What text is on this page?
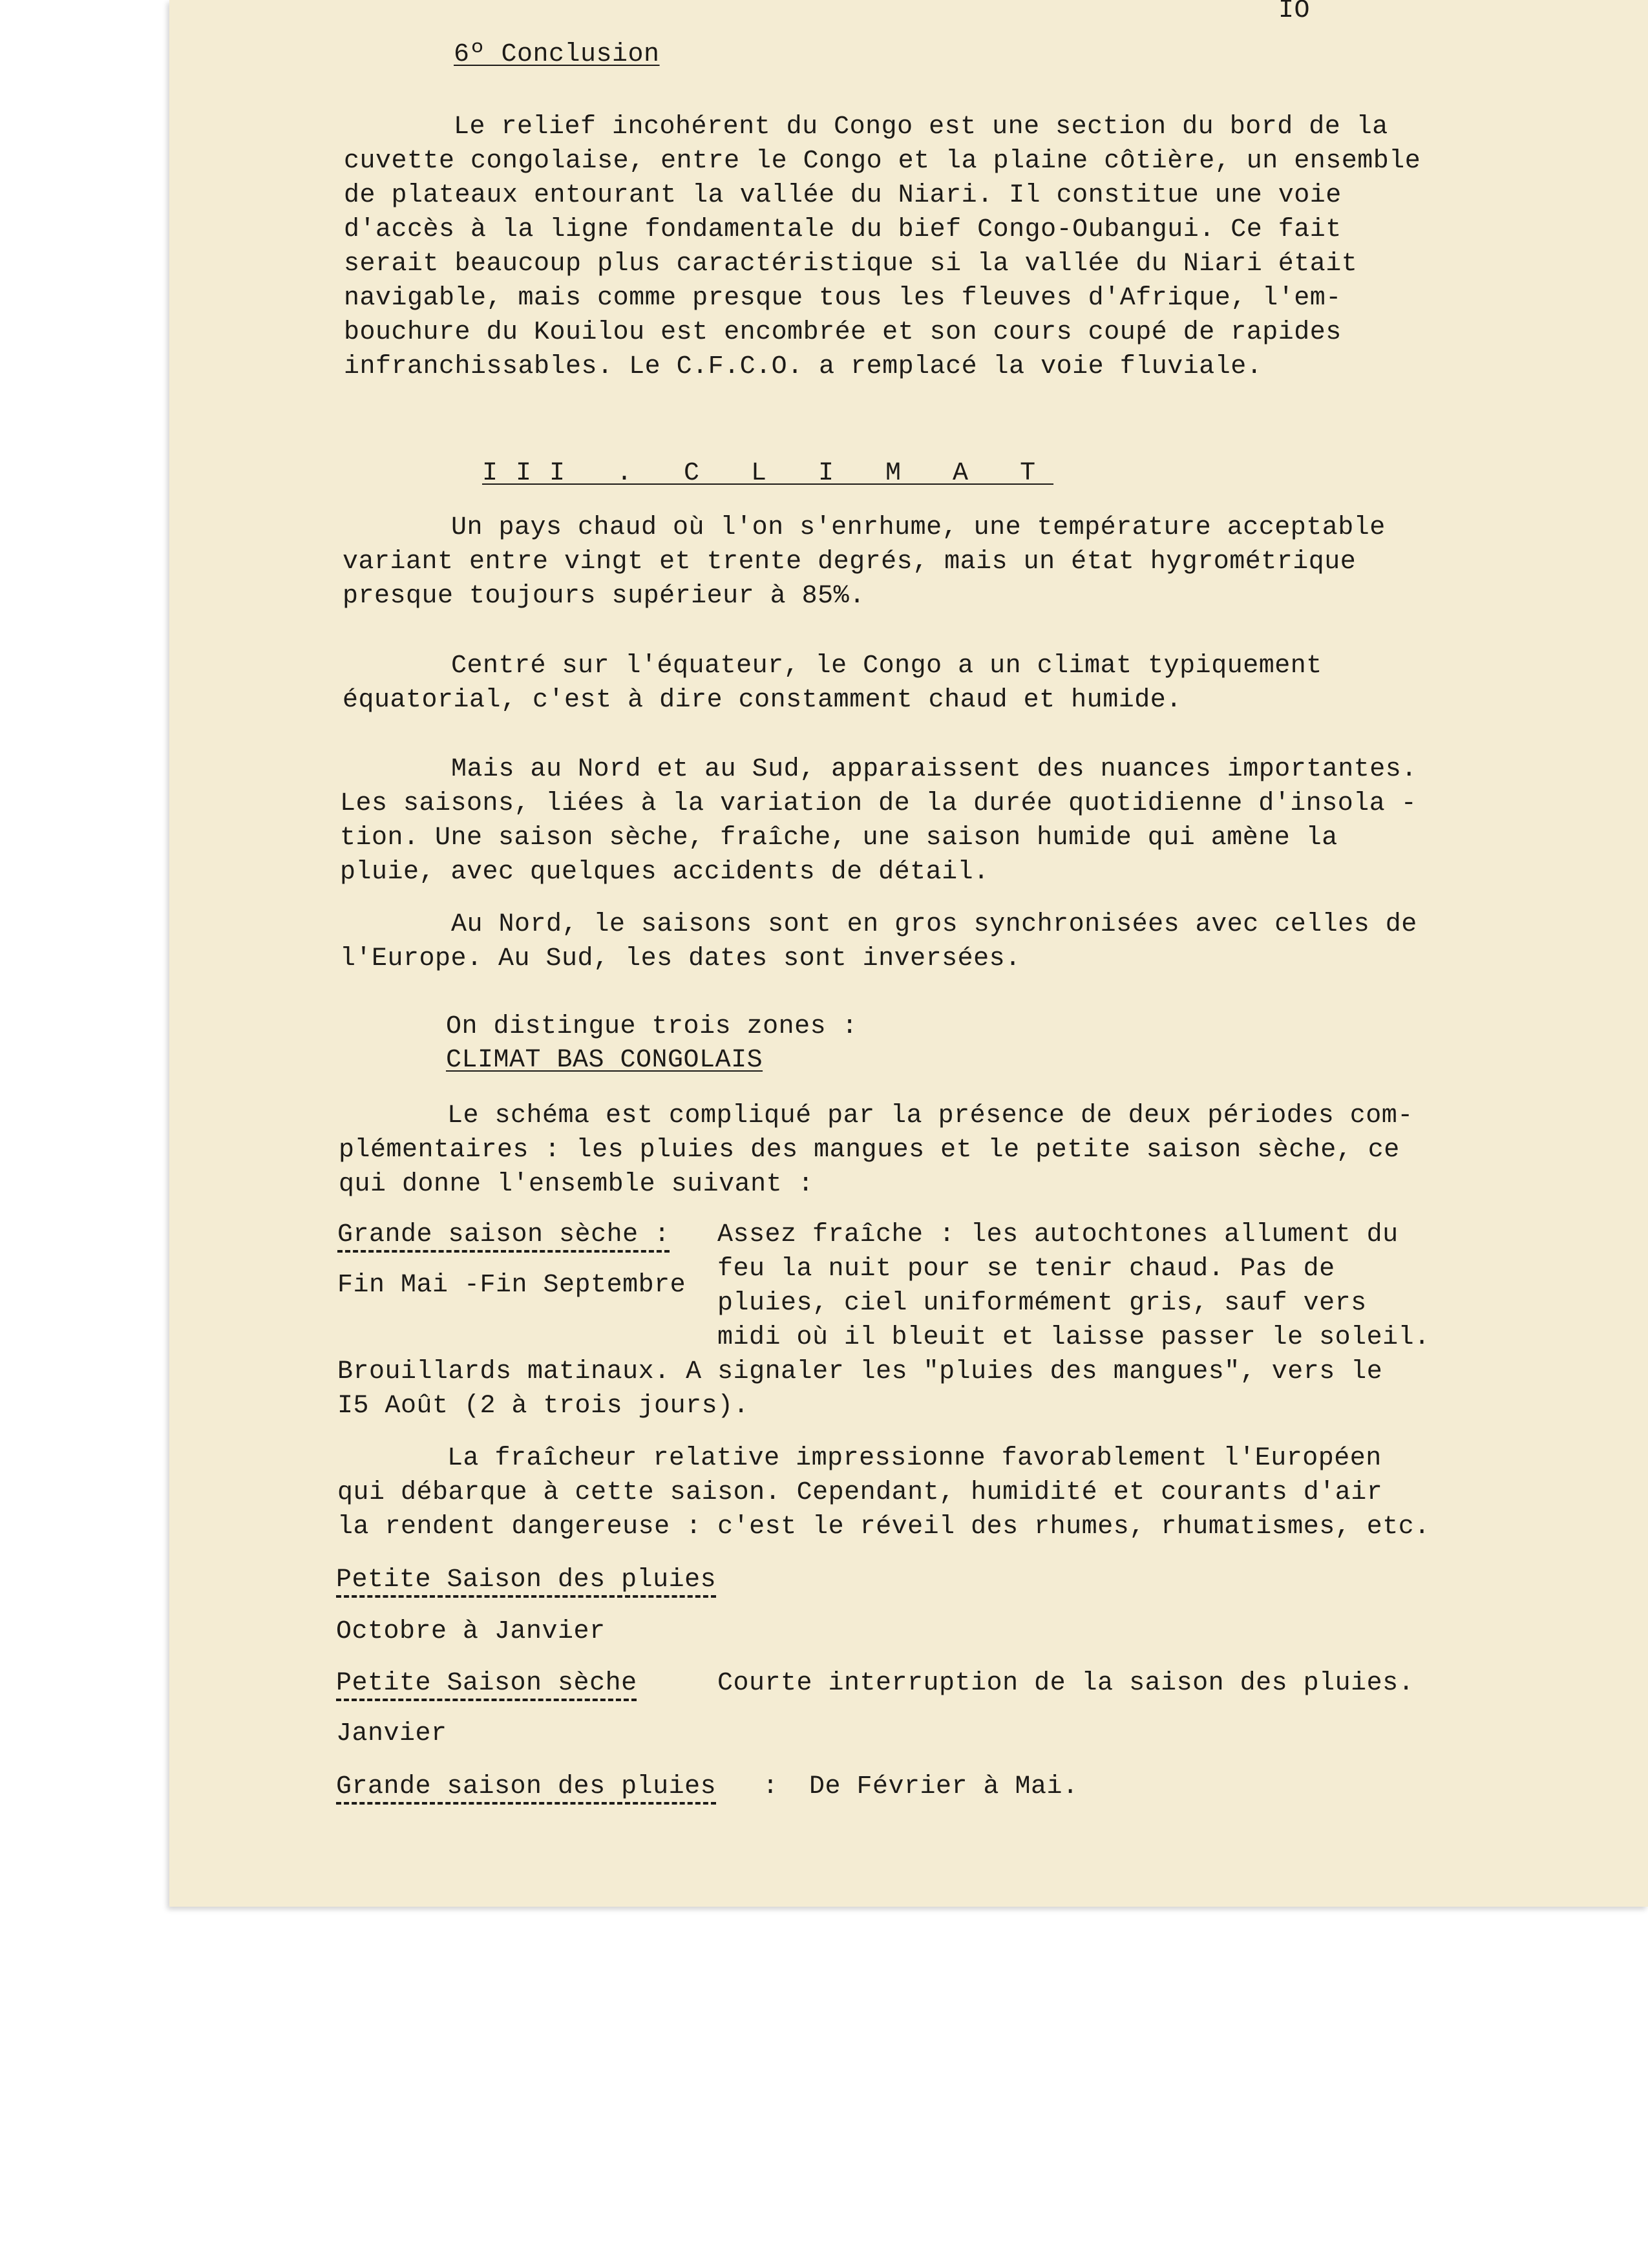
IO
6º Conclusion
Le relief incohérent du Congo est une section du bord de la
cuvette congolaise, entre le Congo et la plaine côtière, un ensemble
de plateaux entourant la vallée du Niari. Il constitue une voie
d'accès à la ligne fondamentale du bief Congo-Oubangui. Ce fait
serait beaucoup plus caractéristique si la vallée du Niari était
navigable, mais comme presque tous les fleuves d'Afrique, l'em-
bouchure du Kouilou est encombrée et son cours coupé de rapides
infranchissables. Le C.F.C.O. a remplacé la voie fluviale.
III . C L I M A T
Un pays chaud où l'on s'enrhume, une température acceptable
variant entre vingt et trente degrés, mais un état hygrométrique
presque toujours supérieur à 85%.
Centré sur l'équateur, le Congo a un climat typiquement
équatorial, c'est à dire constamment chaud et humide.
Mais au Nord et au Sud, apparaissent des nuances importantes.
Les saisons, liées à la variation de la durée quotidienne d'insola -
tion. Une saison sèche, fraîche, une saison humide qui amène la
pluie, avec quelques accidents de détail.
Au Nord, le saisons sont en gros synchronisées avec celles de
l'Europe. Au Sud, les dates sont inversées.
On distingue trois zones :
CLIMAT BAS CONGOLAIS
Le schéma est compliqué par la présence de deux périodes com-
plémentaires : les pluies des mangues et le petite saison sèche, ce
qui donne l'ensemble suivant :
Grande saison sèche :
Fin Mai -Fin Septembre
Assez fraîche : les autochtones allument du
feu la nuit pour se tenir chaud. Pas de
pluies, ciel uniformément gris, sauf vers
midi où il bleuit et laisse passer le soleil.
Brouillards matinaux. A signaler les "pluies des mangues", vers le
I5 Août (2 à trois jours).
La fraîcheur relative impressionne favorablement l'Européen
qui débarque à cette saison. Cependant, humidité et courants d'air
la rendent dangereuse : c'est le réveil des rhumes, rhumatismes, etc.
Petite Saison des pluies
Octobre à Janvier
Petite Saison sèche	Courte interruption de la saison des pluies.
Janvier
Grande saison des pluies : De Février à Mai.
